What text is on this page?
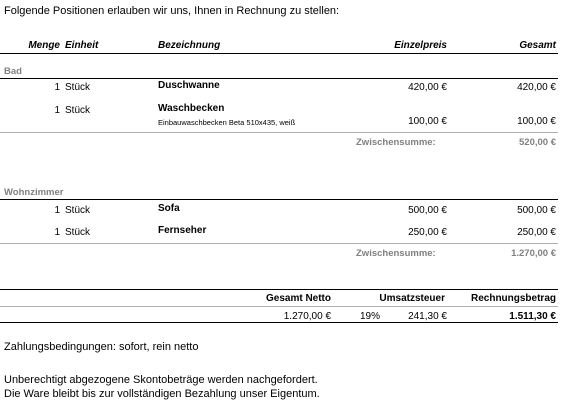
Folgende Positionen erlauben wir uns, Ihnen in Rechnung zu stellen:
Menge Einheit	Bezeichnung	Einzelpreis	Gesamt
Bad
1 Stück	Duschwanne	420,00 €	420,00 €
1 Stück	Waschbecken
Einbauwaschbecken Beta 510x435, weiß	100,00 €	100,00 €
Zwischensumme:	520,00 €
Wohnzimmer
1 Stück	Sofa	500,00 €	500,00 €
1 Stück	Fernseher	250,00 €	250,00 €
Zwischensumme:	1.270,00 €
Gesamt Netto	Umsatzsteuer	Rechnungsbetrag
1.270,00 €	19%	241,30 €	1.511,30 €
Zahlungsbedingungen: sofort, rein netto
Unberechtigt abgezogene Skontobeträge werden nachgefordert.
Die Ware bleibt bis zur vollständigen Bezahlung unser Eigentum.
